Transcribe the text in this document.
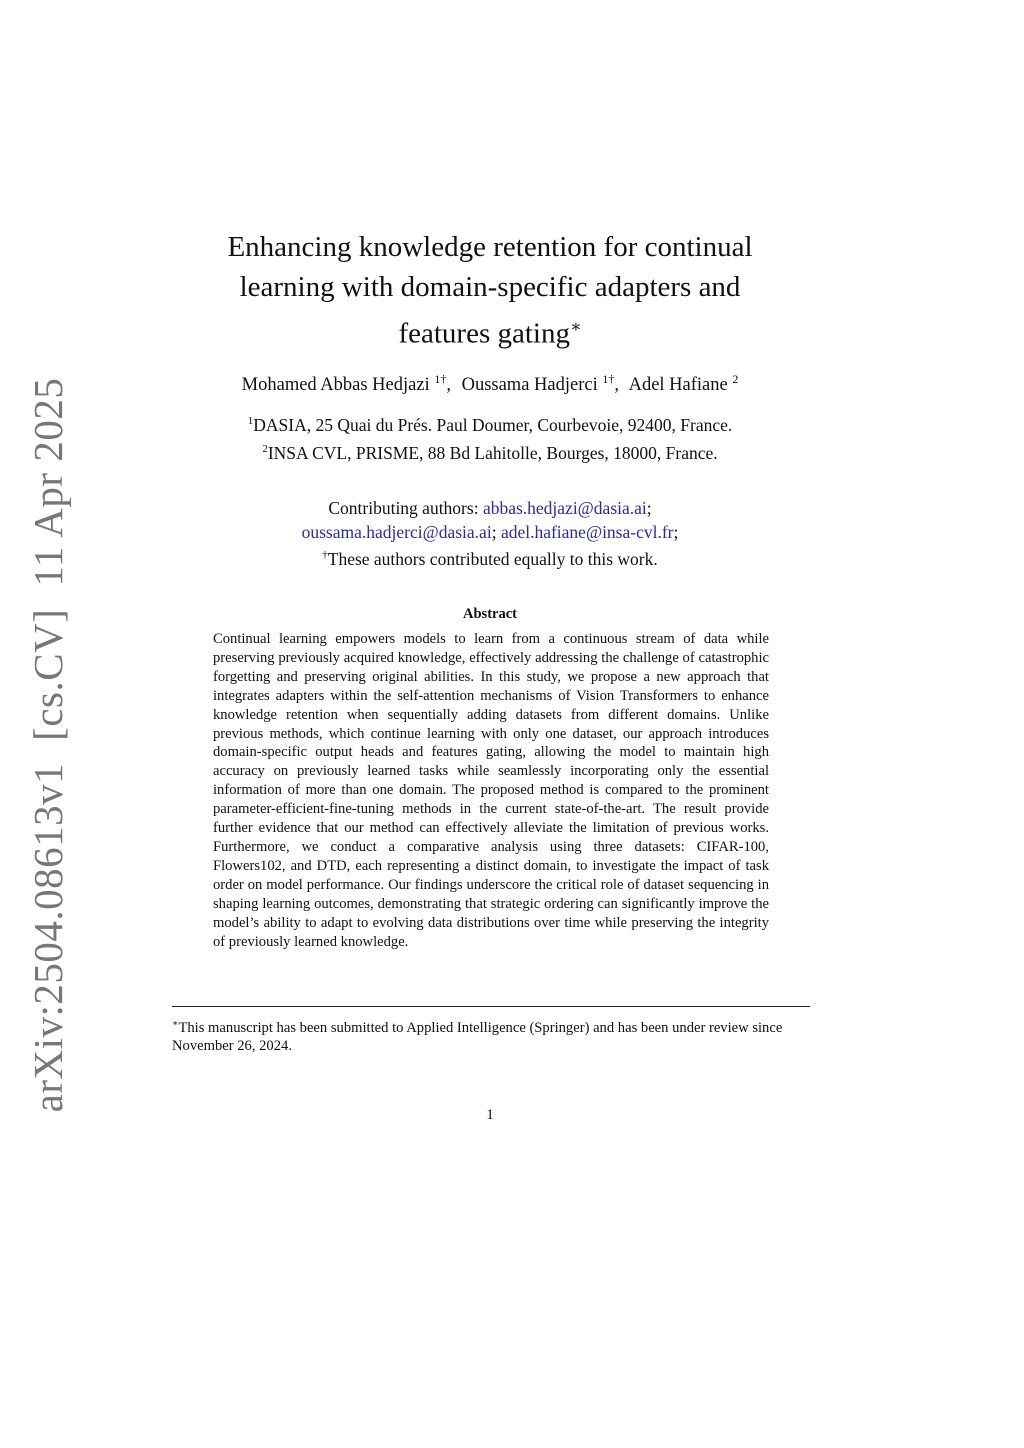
arXiv:2504.08613v1[cs.CV]11 Apr 2025
Enhancing knowledge retention for continual
learning with domain-specific adapters and
features gating∗
Mohamed Abbas Hedjazi $^{1\dagger}$, Oussama Hadjerci $^{1\dagger}$, Adel Hafiane $^2$
$^1$DASIA, 25 Quai du Prés. Paul Doumer, Courbevoie, 92400, France.
$^2$INSA CVL, PRISME, 88 Bd Lahitolle, Bourges, 18000, France.
Contributing authors: abbas.hedjazi@dasia.ai;
oussama.hadjerci@dasia.ai; adel.hafiane@insa-cvl.fr;
†These authors contributed equally to this work.
Abstract
Continual learning empowers models to learn from a continuous stream of data while preserving previously acquired knowledge, effectively addressing the challenge of catastrophic forgetting and preserving original abilities. In this study, we propose a new approach that integrates adapters within the self-attention mechanisms of Vision Transformers to enhance knowledge retention when sequentially adding datasets from different domains. Unlike previous methods, which continue learning with only one dataset, our approach introduces domain-specific output heads and features gating, allowing the model to maintain high accuracy on previously learned tasks while seamlessly incorporating only the essential information of more than one domain. The proposed method is compared to the prominent parameter-efficient-fine-tuning methods in the current state-of-the-art. The result provide further evidence that our method can effectively alleviate the limitation of previous works. Furthermore, we conduct a comparative analysis using three datasets: CIFAR-100, Flowers102, and DTD, each representing a distinct domain, to investigate the impact of task order on model performance. Our findings underscore the critical role of dataset sequencing in shaping learning outcomes, demonstrating that strategic ordering can significantly improve the model’s ability to adapt to evolving data distributions over time while preserving the integrity of previously learned knowledge.
∗This manuscript has been submitted to Applied Intelligence (Springer) and has been under review since November 26, 2024.
1
